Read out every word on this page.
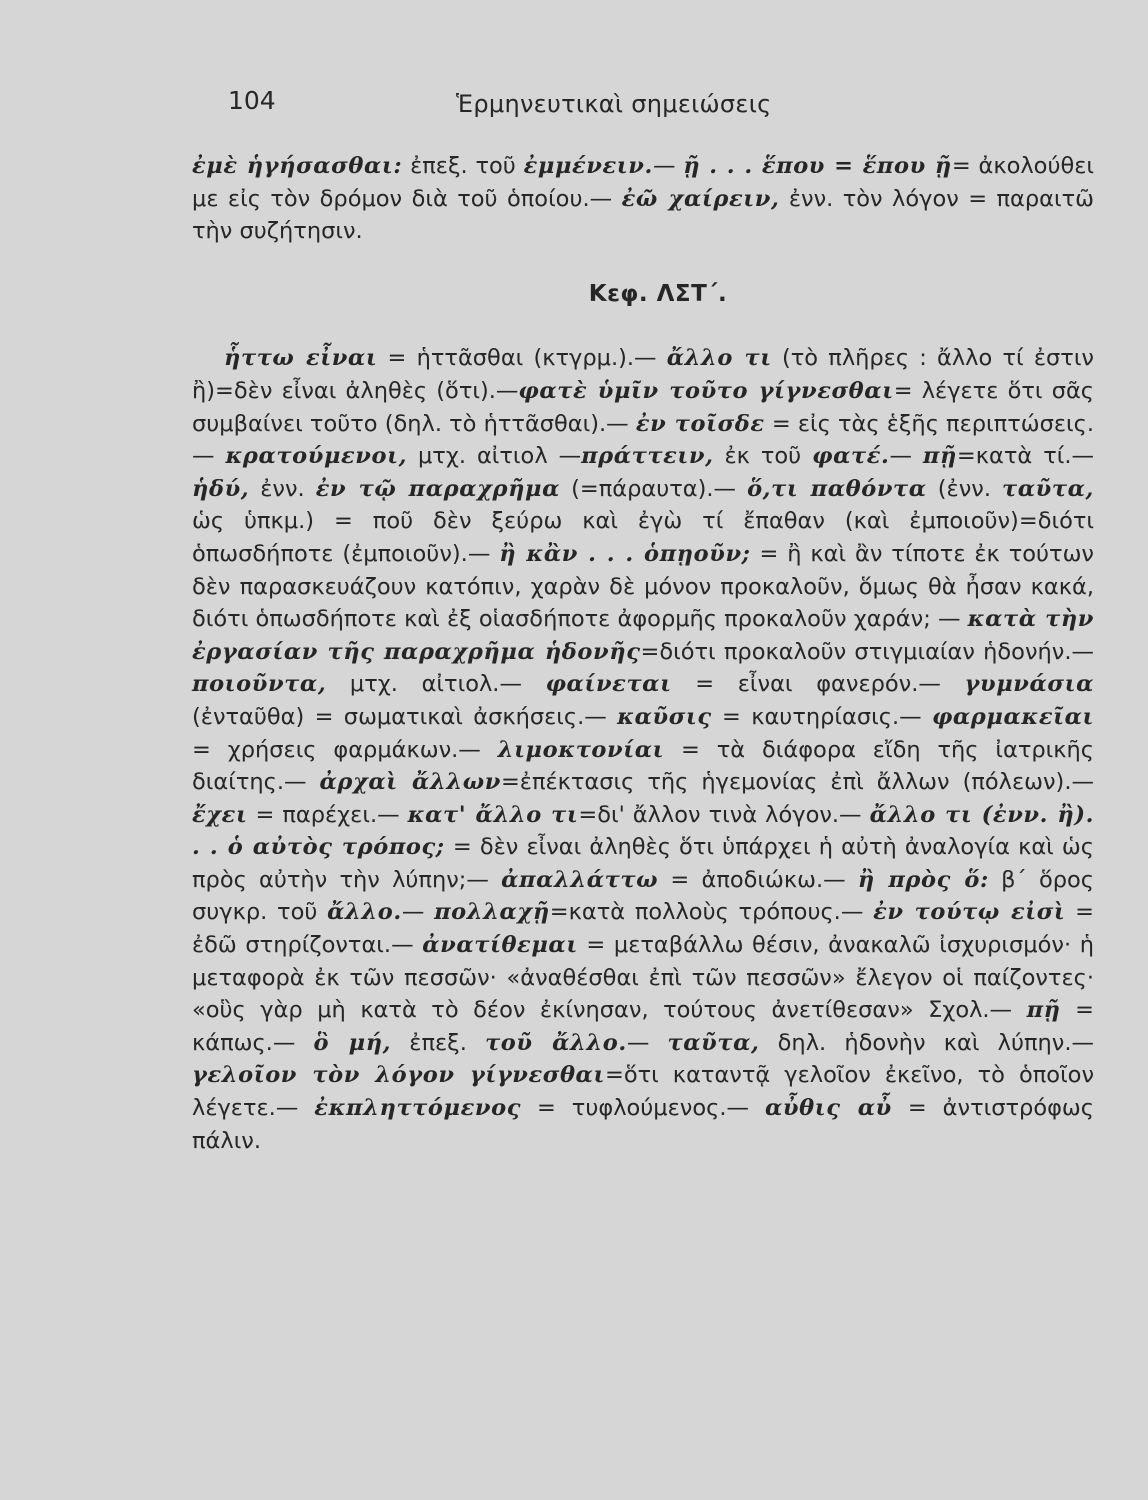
104	Ἑρμηνευτικαὶ σημειώσεις

ἐμὲ ἡγήσασθαι: ἐπεξ. τοῦ ἐμμένειν.— ῇ . . . ἕπου = ἕπου ῇ= ἀκολούθει με εἰς τὸν δρόμον διὰ τοῦ ὁποίου.— ἐῶ χαίρειν, ἐνν. τὸν λόγον = παραιτῶ τὴν συζήτησιν.

Κεφ. ΛΣΤ΄.

ἧττω εἶναι = ἡττᾶσθαι (κτγρμ.).— ἄλλο τι (τὸ πλῆρες : ἄλλο τί ἐστιν ἢ)=δὲν εἶναι ἀληθὲς (ὅτι).—φατὲ ὑμῖν τοῦτο γίγνεσθαι= λέγετε ὅτι σᾶς συμβαίνει τοῦτο (δηλ. τὸ ἡττᾶσθαι).— ἐν τοῖσδε = εἰς τὰς ἑξῆς περιπτώσεις.— κρατούμενοι, μτχ. αἰτιολ —πράττειν, ἐκ τοῦ φατέ.— πῇ=κατὰ τί.— ἡδύ, ἐνν. ἐν τῷ παραχρῆμα (=πάραυτα).— ὅ,τι παθόντα (ἐνν. ταῦτα, ὡς ὑπκμ.) = ποῦ δὲν ξεύρω καὶ ἐγὼ τί ἔπαθαν (καὶ ἐμποιοῦν)=διότι ὁπωσδήποτε (ἐμποιοῦν).— ἢ κἂν . . . ὁπῃοῦν; = ἢ καὶ ἂν τίποτε ἐκ τούτων δὲν παρασκευάζουν κατόπιν, χαρὰν δὲ μόνον προκαλοῦν, ὅμως θὰ ἦσαν κακά, διότι ὁπωσδήποτε καὶ ἐξ οἱασδήποτε ἀφορμῆς προκαλοῦν χαράν; — κατὰ τὴν ἐργασίαν τῆς παραχρῆμα ἡδονῆς=διότι προκαλοῦν στιγμιαίαν ἡδονήν.— ποιοῦντα, μτχ. αἰτιολ.— φαίνεται = εἶναι φανερόν.— γυμνάσια (ἐνταῦθα) = σωματικαὶ ἀσκήσεις.— καῦσις = καυτηρίασις.— φαρμακεῖαι = χρήσεις φαρμάκων.— λιμοκτονίαι = τὰ διάφορα εἴδη τῆς ἰατρικῆς διαίτης.— ἀρχαὶ ἄλλων=ἐπέκτασις τῆς ἡγεμονίας ἐπὶ ἄλλων (πόλεων).— ἔχει = παρέχει.— κατ' ἄλλο τι=δι' ἄλλον τινὰ λόγον.— ἄλλο τι (ἐνν. ἢ). . . ὁ αὐτὸς τρόπος; = δὲν εἶναι ἀληθὲς ὅτι ὑπάρχει ἡ αὐτὴ ἀναλογία καὶ ὡς πρὸς αὐτὴν τὴν λύπην;— ἀπαλλάττω = ἀποδιώκω.— ἢ πρὸς ὅ: β΄ ὅρος συγκρ. τοῦ ἄλλο.— πολλαχῇ=κατὰ πολλοὺς τρόπους.— ἐν τούτῳ εἰσὶ = ἐδῶ στηρίζονται.— ἀνατίθεμαι = μεταβάλλω θέσιν, ἀνακαλῶ ἰσχυρισμόν· ἡ μεταφορὰ ἐκ τῶν πεσσῶν· «ἀναθέσθαι ἐπὶ τῶν πεσσῶν» ἔλεγον οἱ παίζοντες· «οὓς γὰρ μὴ κατὰ τὸ δέον ἐκίνησαν, τούτους ἀνετίθεσαν» Σχολ.— πῇ = κάπως.— ὃ μή, ἐπεξ. τοῦ ἄλλο.— ταῦτα, δηλ. ἡδονὴν καὶ λύπην.— γελοῖον τὸν λόγον γίγνεσθαι=ὅτι καταντᾷ γελοῖον ἐκεῖνο, τὸ ὁποῖον λέγετε.— ἐκπληττόμενος = τυφλούμενος.— αὖθις αὖ = ἀντιστρόφως πάλιν.
